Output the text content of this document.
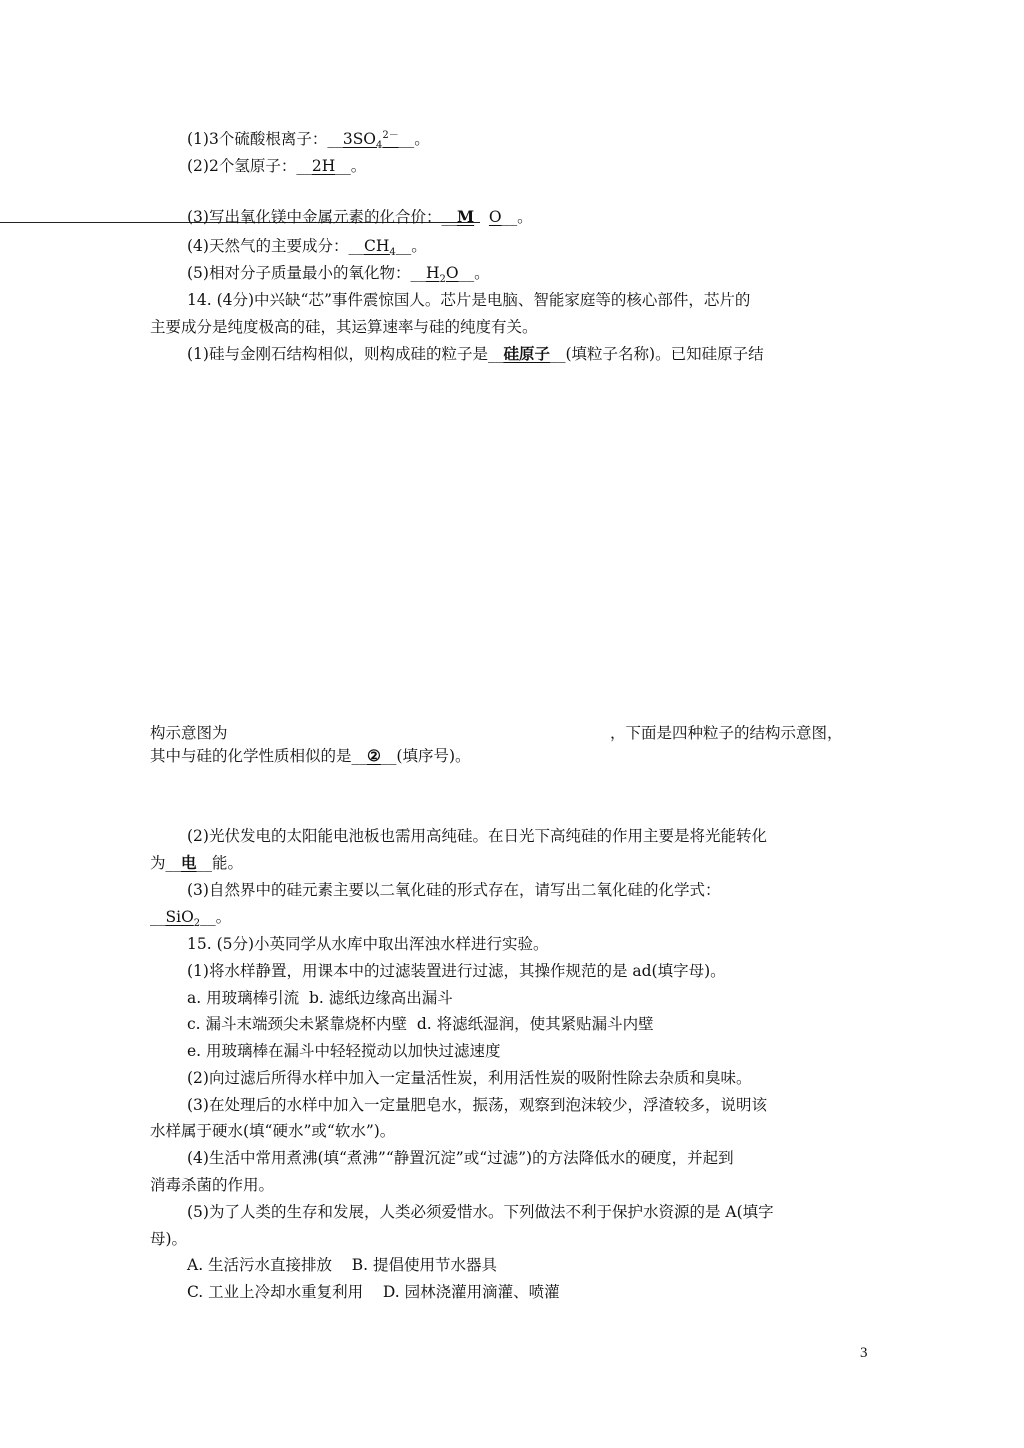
(1)3个硫酸根离子：$\_\_3SO_4^{2-}\_\_$。
(2)2个氢原子：__2H__。
(3)写出氧化镁中金属元素的化合价：__M O__。
(4)天然气的主要成分：$\_\_CH_4\_\_$。
(5)相对分子质量最小的氧化物：$\_\_H_2O\_\_$。
14. (4分)中兴缺“芯”事件震惊国人。芯片是电脑、智能家庭等的核心部件，芯片的
主要成分是纯度极高的硅，其运算速率与硅的纯度有关。
(1)硅与金刚石结构相似，则构成硅的粒子是__硅原子__(填粒子名称)。已知硅原子结
构示意图为	，下面是四种粒子的结构示意图，
其中与硅的化学性质相似的是__②__(填序号)。
(2)光伏发电的太阳能电池板也需用高纯硅。在日光下高纯硅的作用主要是将光能转化
为__电__能。
(3)自然界中的硅元素主要以二氧化硅的形式存在，请写出二氧化硅的化学式：
__SiO$_2$__。
15. (5分)小英同学从水库中取出浑浊水样进行实验。
(1)将水样静置，用课本中的过滤装置进行过滤，其操作规范的是 ad(填字母)。
a. 用玻璃棒引流  b. 滤纸边缘高出漏斗
c. 漏斗末端颈尖未紧靠烧杯内壁  d. 将滤纸湿润，使其紧贴漏斗内壁
e. 用玻璃棒在漏斗中轻轻搅动以加快过滤速度
(2)向过滤后所得水样中加入一定量活性炭，利用活性炭的吸附性除去杂质和臭味。
(3)在处理后的水样中加入一定量肥皂水，振荡，观察到泡沫较少，浮渣较多，说明该
水样属于硬水(填“硬水”或“软水”)。
(4)生活中常用煮沸(填“煮沸”“静置沉淀”或“过滤”)的方法降低水的硬度，并起到
消毒杀菌的作用。
(5)为了人类的生存和发展，人类必须爱惜水。下列做法不利于保护水资源的是 A(填字
母)。
A. 生活污水直接排放    B. 提倡使用节水器具
C. 工业上冷却水重复利用    D. 园林浇灌用滴灌、喷灌
3
